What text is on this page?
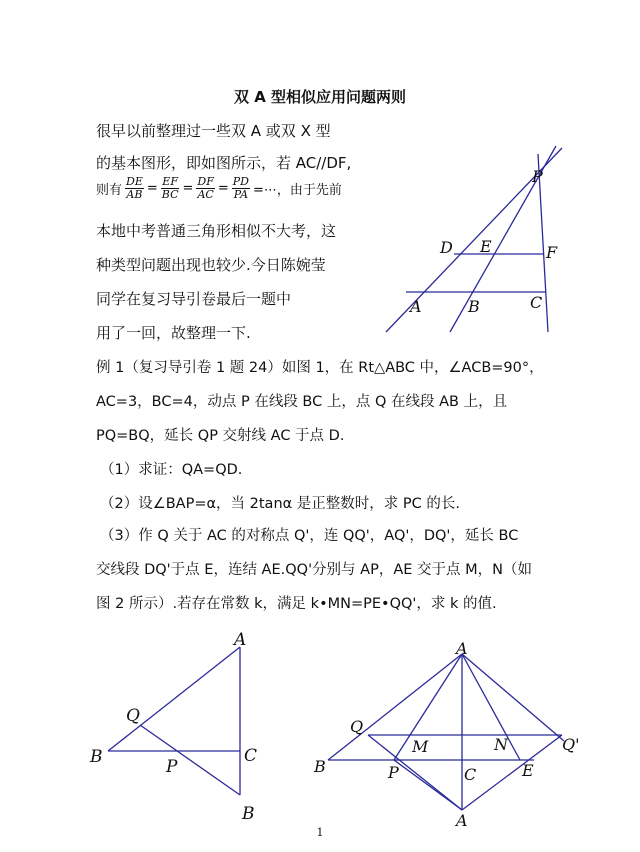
双 A 型相似应用问题两则
很早以前整理过一些双 A 或双 X 型
的基本图形，即如图所示，若 AC//DF,
则有 $\frac{DE}{AB} = \frac{EF}{BC} = \frac{DF}{AC} = \frac{PD}{PA}$ =⋯，由于先前
本地中考普通三角形相似不大考，这
种类型问题出现也较少.今日陈婉莹
同学在复习导引卷最后一题中
用了一回，故整理一下.
P
D E	F
A	B	C
例 1（复习导引卷 1 题 24）如图 1，在 Rt△ABC 中，∠ACB=90°，
AC=3，BC=4，动点 P 在线段 BC 上，点 Q 在线段 AB 上，且
PQ=BQ，延长 QP 交射线 AC 于点 D.
（1）求证：QA=QD.
（2）设∠BAP=α，当 2tanα 是正整数时，求 PC 的长.
（3）作 Q 关于 AC 的对称点 Q'，连 QQ'，AQ'，DQ'，延长 BC
交线段 DQ'于点 E，连结 AE.QQ'分别与 AP，AE 交于点 M，N（如
图 2 所示）.若存在常数 k，满足 k•MN=PE•QQ'，求 k 的值.
A
Q
B	P
C
B
A
Q
M	N	Q'
B	P	C	E
A
1
